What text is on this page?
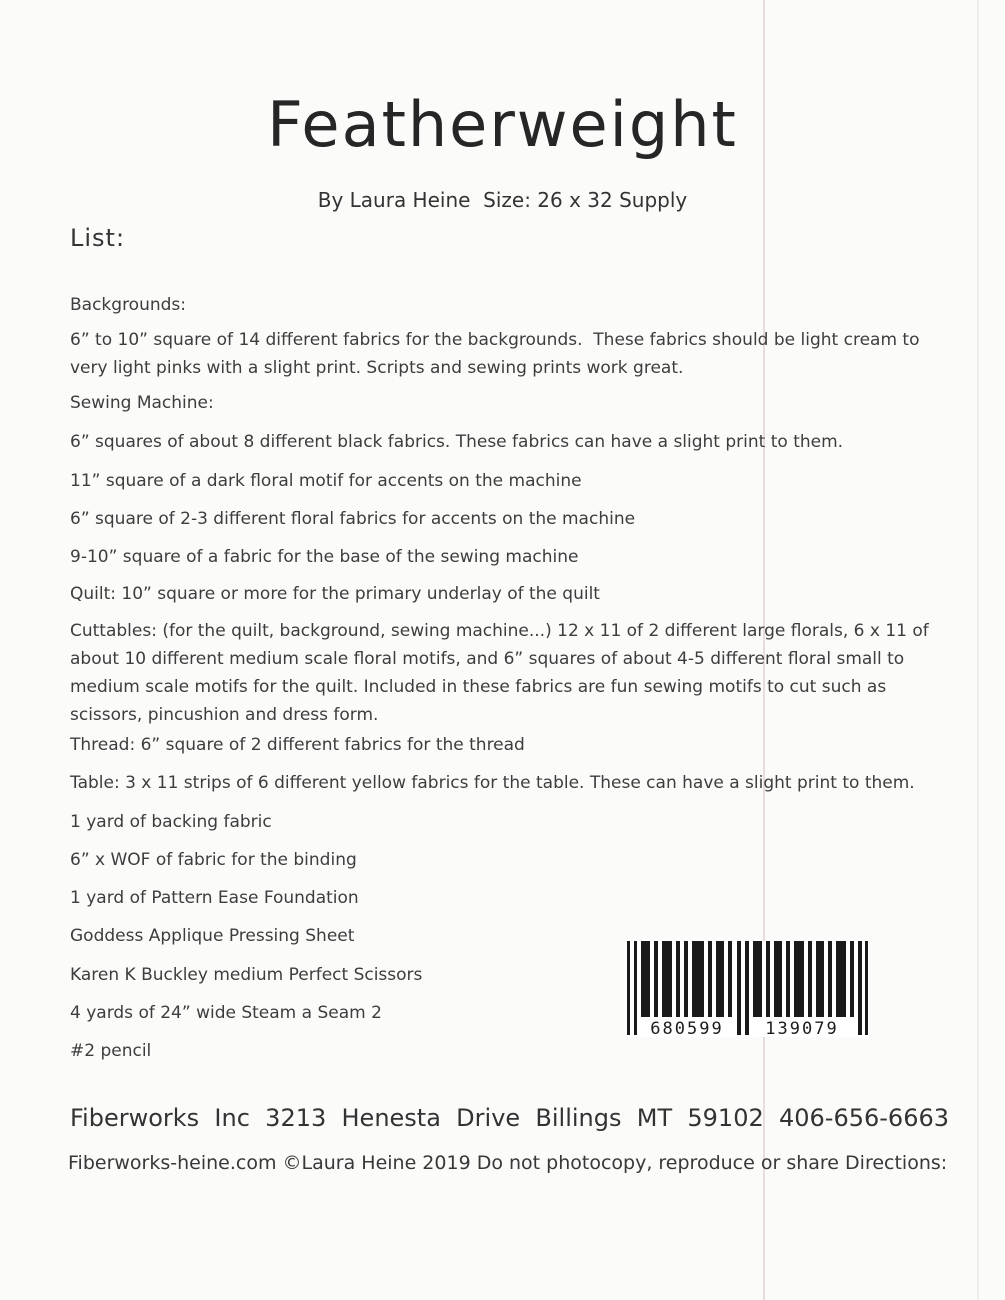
Featherweight
By Laura Heine  Size: 26 x 32 Supply
List:

Backgrounds:

6” to 10” square of 14 different fabrics for the backgrounds.  These fabrics should be light cream to very light pinks with a slight print. Scripts and sewing prints work great.

Sewing Machine:

6” squares of about 8 different black fabrics. These fabrics can have a slight print to them.

11” square of a dark floral motif for accents on the machine

6” square of 2-3 different floral fabrics for accents on the machine

9-10” square of a fabric for the base of the sewing machine

Quilt: 10” square or more for the primary underlay of the quilt

Cuttables: (for the quilt, background, sewing machine...) 12 x 11 of 2 different large florals, 6 x 11 of about 10 different medium scale floral motifs, and 6” squares of about 4-5 different floral small to medium scale motifs for the quilt. Included in these fabrics are fun sewing motifs to cut such as scissors, pincushion and dress form.

Thread: 6” square of 2 different fabrics for the thread

Table: 3 x 11 strips of 6 different yellow fabrics for the table. These can have a slight print to them.

1 yard of backing fabric

6” x WOF of fabric for the binding

1 yard of Pattern Ease Foundation

Goddess Applique Pressing Sheet

Karen K Buckley medium Perfect Scissors

4 yards of 24” wide Steam a Seam 2

#2 pencil

680599 139079
Fiberworks  Inc  3213  Henesta  Drive  Billings  MT  59102  406-656-6663
Fiberworks-heine.com ©Laura Heine 2019 Do not photocopy, reproduce or share Directions:
